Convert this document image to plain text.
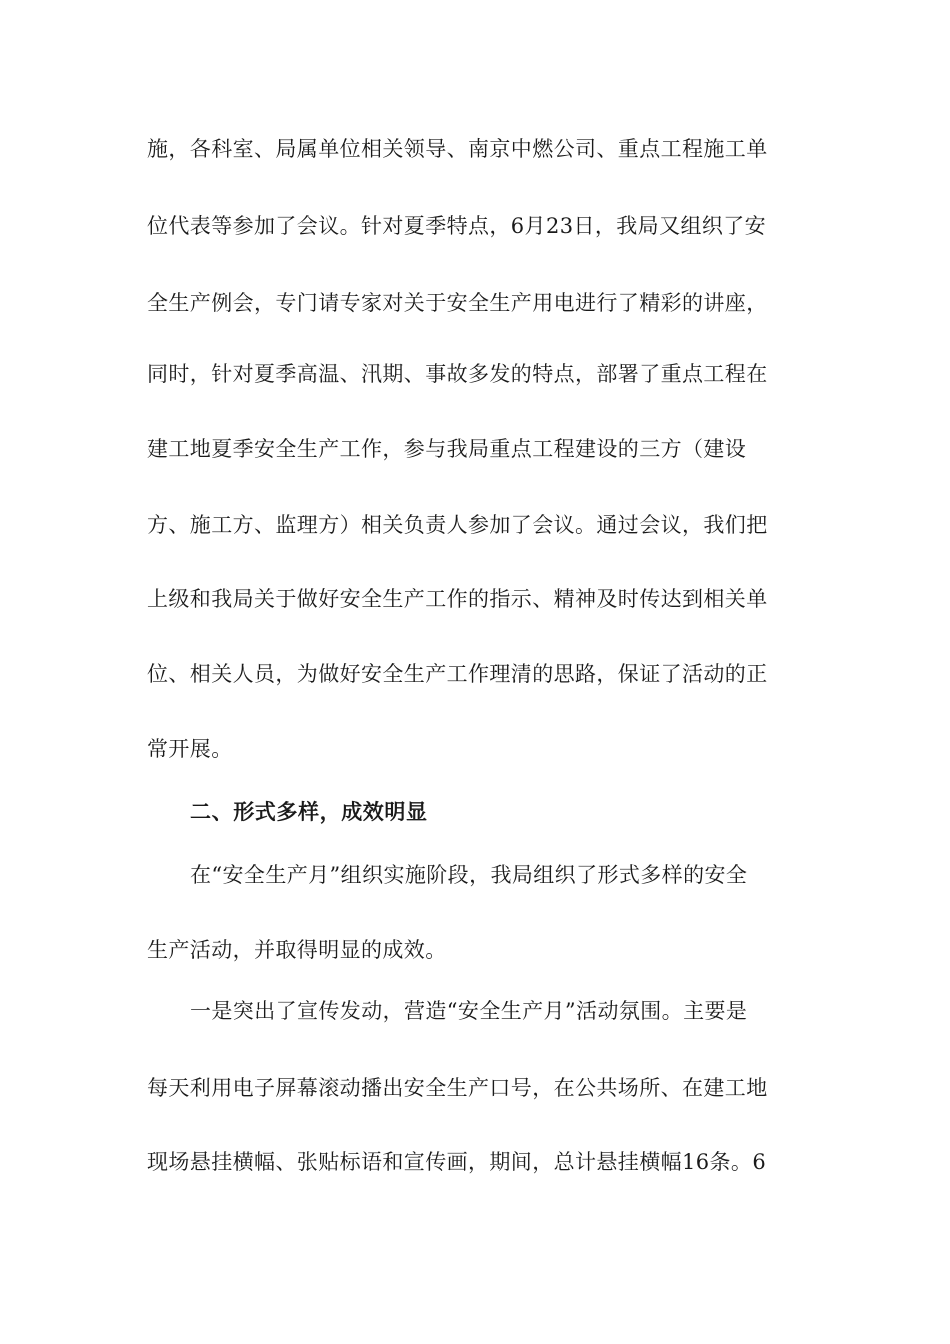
施，各科室、局属单位相关领导、南京中燃公司、重点工程施工单
位代表等参加了会议。针对夏季特点，6月23日，我局又组织了安
全生产例会，专门请专家对关于安全生产用电进行了精彩的讲座，
同时，针对夏季高温、汛期、事故多发的特点，部署了重点工程在
建工地夏季安全生产工作，参与我局重点工程建设的三方（建设
方、施工方、监理方）相关负责人参加了会议。通过会议，我们把
上级和我局关于做好安全生产工作的指示、精神及时传达到相关单
位、相关人员，为做好安全生产工作理清的思路，保证了活动的正
常开展。
二、形式多样，成效明显
在“安全生产月”组织实施阶段，我局组织了形式多样的安全
生产活动，并取得明显的成效。
一是突出了宣传发动，营造“安全生产月”活动氛围。主要是
每天利用电子屏幕滚动播出安全生产口号，在公共场所、在建工地
现场悬挂横幅、张贴标语和宣传画，期间，总计悬挂横幅16条。6
